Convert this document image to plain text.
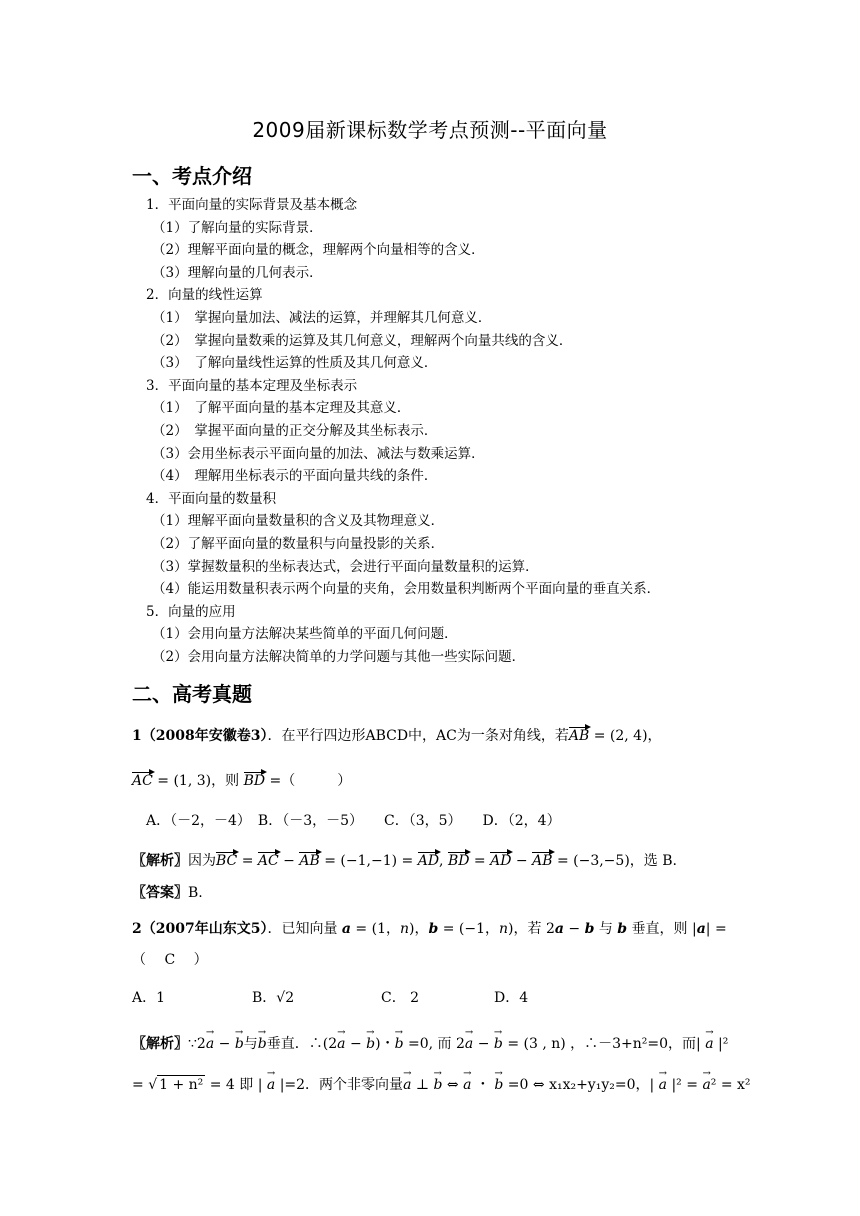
2009届新课标数学考点预测--平面向量
一、考点介绍
1．平面向量的实际背景及基本概念
（1）了解向量的实际背景．
（2）理解平面向量的概念，理解两个向量相等的含义．
（3）理解向量的几何表示．
2．向量的线性运算
（1）　掌握向量加法、减法的运算，并理解其几何意义．
（2）　掌握向量数乘的运算及其几何意义，理解两个向量共线的含义．
（3）　了解向量线性运算的性质及其几何意义．
3．平面向量的基本定理及坐标表示
（1）　了解平面向量的基本定理及其意义．
（2）　掌握平面向量的正交分解及其坐标表示．
（3）会用坐标表示平面向量的加法、减法与数乘运算．
（4）　理解用坐标表示的平面向量共线的条件．
4．平面向量的数量积
（1）理解平面向量数量积的含义及其物理意义．
（2）了解平面向量的数量积与向量投影的关系．
（3）掌握数量积的坐标表达式，会进行平面向量数量积的运算．
（4）能运用数量积表示两个向量的夹角，会用数量积判断两个平面向量的垂直关系．
5．向量的应用
（1）会用向量方法解决某些简单的平面几何问题．
（2）会用向量方法解决简单的力学问题与其他一些实际问题．
二、高考真题
1（2008年安徽卷3）．在平行四边形ABCD中，AC为一条对角线，若AB = (2, 4)，
AC = (1, 3)，则 BD =（　　　）
A．（－2，－4）　B．（－3，－5）　　C．（3，5）　　D．（2，4）
〖解析〗因为BC = AC − AB = (−1,−1) = AD, BD = AD − AB = (−3,−5)，选 B.
〖答案〗B.
2（2007年山东文5）．已知向量 a = (1，n)，b = (−1，n)，若 2a − b 与 b 垂直，则 |a| =
（　 C　 ）
A．1	B．√2	C． 2	D．4
〖解析〗∵2a → − b →与b →垂直．∴(2a → − b →)・b → =0, 而 2a → − b → = (3 , n) ，∴－3+n²=0，而| a → |²
= √ 1 + n² = 4 即 | a → |=2．两个非零向量a → ⊥ b → ⇔ a → ・ b → =0 ⇔ x₁x₂+y₁y₂=0，| a → |² = a →² = x²
